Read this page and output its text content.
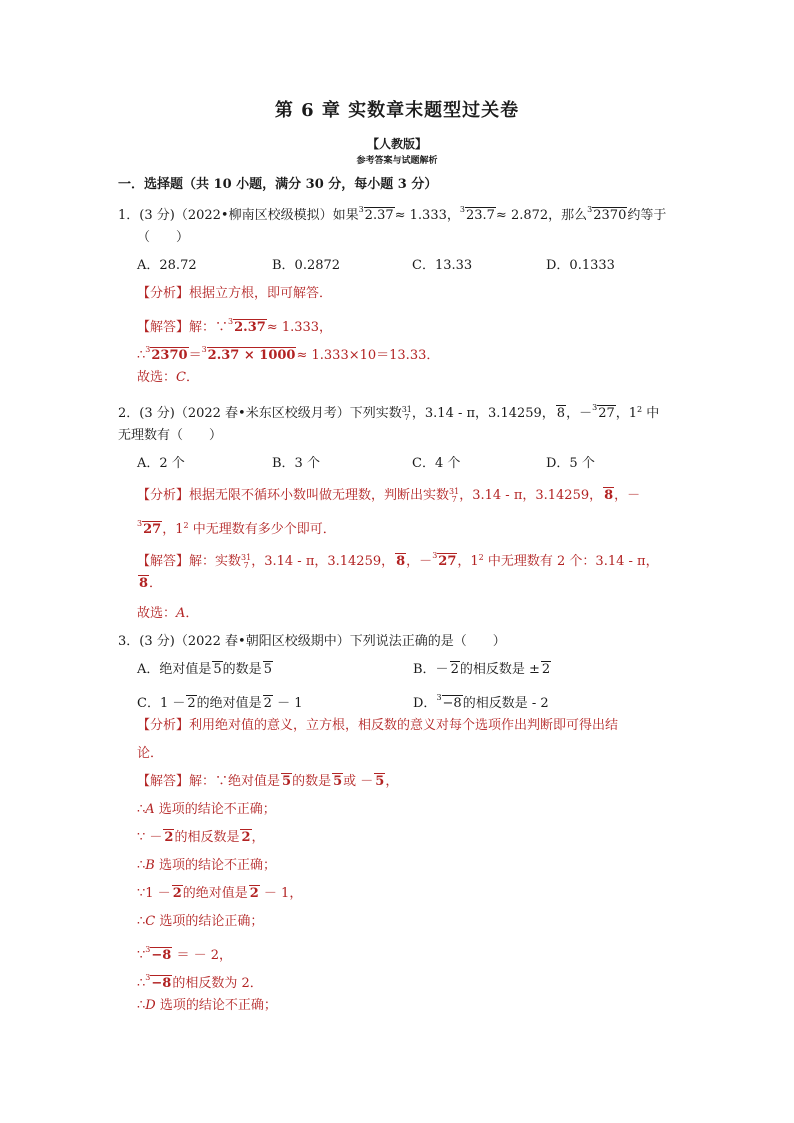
第 6 章 实数章末题型过关卷
【人教版】
参考答案与试题解析
一．选择题（共 10 小题，满分 30 分，每小题 3 分）
1．(3 分)（2022•柳南区校级模拟）如果$^3$2.37≈ 1.333，$^3$23.7≈ 2.872，那么$^3$2370约等于
（　　）
A．28.72	B．0.2872	C．13.33	D．0.1333
【分析】根据立方根，即可解答．
【解答】解：∵$^3$2.37≈ 1.333，
∴$^3$2370＝$^3$2.37 × 1000≈ 1.333×10＝13.33．
故选：C．
2．(3 分)（2022 春•米东区校级月考）下列实数 31
7 ，3.14 - π，3.14259， 8，－$^3$27，$1^2$ 中
无理数有（　　）
A．2 个	B．3 个	C．4 个	D．5 个
【分析】根据无限不循环小数叫做无理数，判断出实数 31
7 ，3.14 - π，3.14259， 8，－
$^3$27，$1^2$ 中无理数有多少个即可．
【解答】解：实数 31
7 ，3.14 - π，3.14259， 8，－$^3$27，$1^2$ 中无理数有 2 个：3.14 - π，
8．
故选：A．
3．(3 分)（2022 春•朝阳区校级期中）下列说法正确的是（　　）
A．绝对值是 5的数是 5	B．－ 2的相反数是 ± 2
C．1 － 2的绝对值是 2 － 1	D．$^3$−8的相反数是 - 2
【分析】利用绝对值的意义，立方根，相反数的意义对每个选项作出判断即可得出结
论．
【解答】解：∵绝对值是 5的数是 5或 － 5，
∴A 选项的结论不正确；
∵ － 2的相反数是 2，
∴B 选项的结论不正确；
∵1 － 2的绝对值是 2 － 1，
∴C 选项的结论正确；
∵$^3$−8 ＝ － 2，
∴$^3$−8的相反数为 2．
∴D 选项的结论不正确；
